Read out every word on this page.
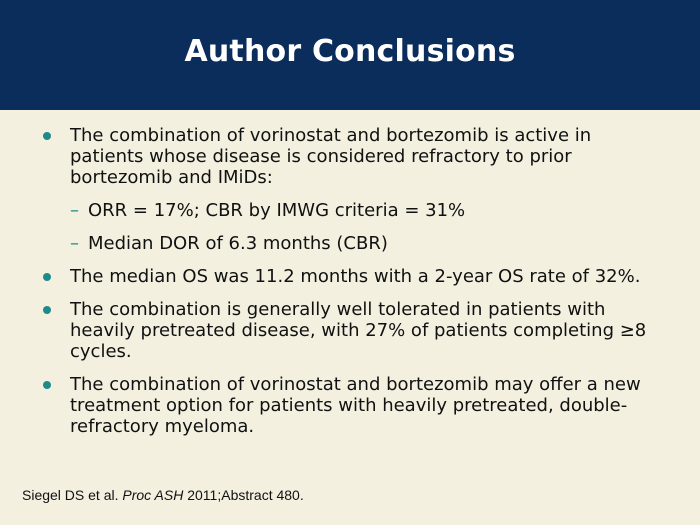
Author Conclusions
The combination of vorinostat and bortezomib is active in patients whose disease is considered refractory to prior bortezomib and IMiDs:
– ORR = 17%; CBR by IMWG criteria = 31%
– Median DOR of 6.3 months (CBR)
The median OS was 11.2 months with a 2-year OS rate of 32%.
The combination is generally well tolerated in patients with heavily pretreated disease, with 27% of patients completing ≥8 cycles.
The combination of vorinostat and bortezomib may offer a new treatment option for patients with heavily pretreated, double-refractory myeloma.
Siegel DS et al. Proc ASH 2011;Abstract 480.
